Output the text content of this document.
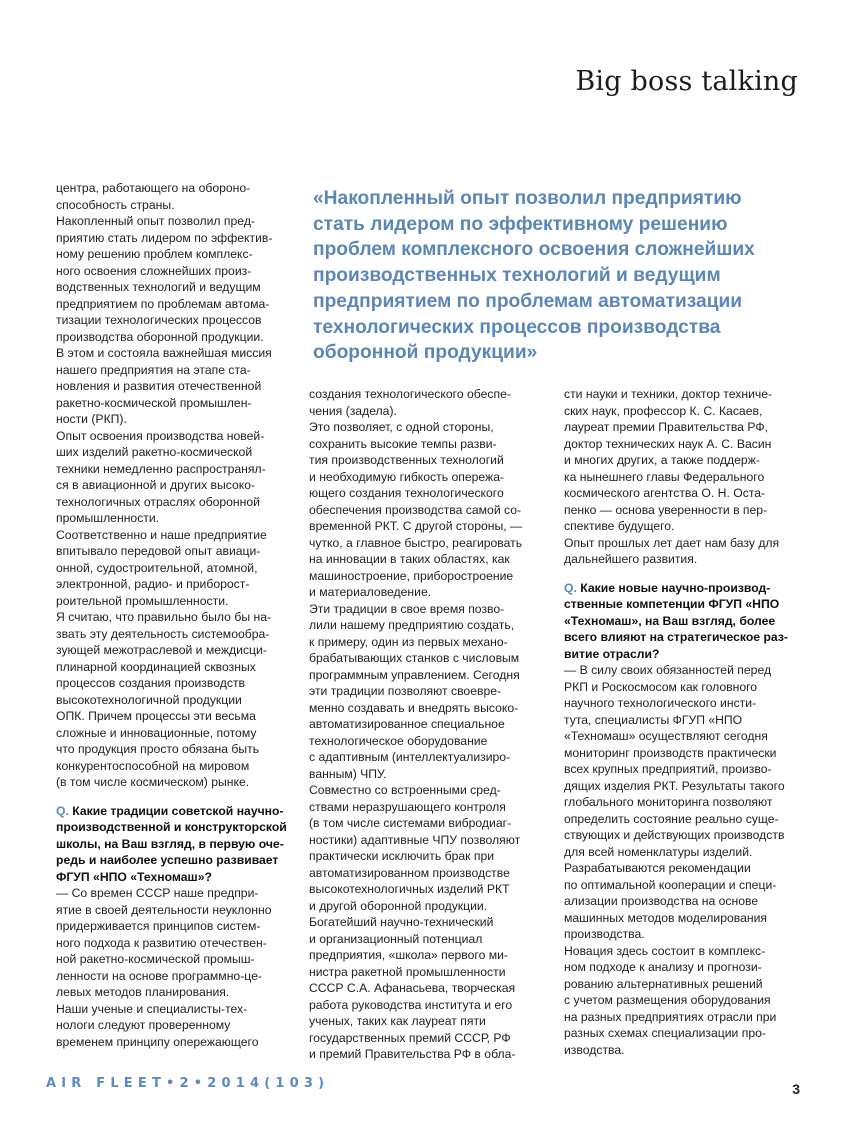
Big boss talking
«Накопленный опыт позволил предприятию
стать лидером по эффективному решению
проблем комплексного освоения сложнейших
производственных технологий и ведущим
предприятием по проблемам автоматизации
технологических процессов производства
оборонной продукции»
центра, работающего на обороно-
способность страны.
Накопленный опыт позволил пред-
приятию стать лидером по эффектив-
ному решению проблем комплекс-
ного освоения сложнейших произ-
водственных технологий и ведущим
предприятием по проблемам автома-
тизации технологических процессов
производства оборонной продукции.
В этом и состояла важнейшая миссия
нашего предприятия на этапе ста-
новления и развития отечественной
ракетно-космической промышлен-
ности (РКП).
Опыт освоения производства новей-
ших изделий ракетно-космической
техники немедленно распространял-
ся в авиационной и других высоко-
технологичных отраслях оборонной
промышленности.
Соответственно и наше предприятие
впитывало передовой опыт авиаци-
онной, судостроительной, атомной,
электронной, радио- и приборост-
роительной промышленности.
Я считаю, что правильно было бы на-
звать эту деятельность системообра-
зующей межотраслевой и междисци-
плинарной координацией сквозных
процессов создания производств
высокотехнологичной продукции
ОПК. Причем процессы эти весьма
сложные и инновационные, потому
что продукция просто обязана быть
конкурентоспособной на мировом
(в том числе космическом) рынке.
Q. Какие традиции советской научно-
производственной и конструкторской
школы, на Ваш взгляд, в первую оче-
редь и наиболее успешно развивает
ФГУП «НПО «Техномаш»?
— Со времен СССР наше предпри-
ятие в своей деятельности неуклонно
придерживается принципов систем-
ного подхода к развитию отечествен-
ной ракетно-космической промыш-
ленности на основе программно-це-
левых методов планирования.
Наши ученые и специалисты-тех-
нологи следуют проверенному
временем принципу опережающего
создания технологического обеспе-
чения (задела).
Это позволяет, с одной стороны,
сохранить высокие темпы разви-
тия производственных технологий
и необходимую гибкость опережа-
ющего создания технологического
обеспечения производства самой со-
временной РКТ. С другой стороны, —
чутко, а главное быстро, реагировать
на инновации в таких областях, как
машиностроение, приборостроение
и материаловедение.
Эти традиции в свое время позво-
лили нашему предприятию создать,
к примеру, один из первых механо-
брабатывающих станков с числовым
программным управлением. Сегодня
эти традиции позволяют своевре-
менно создавать и внедрять высоко-
автоматизированное специальное
технологическое оборудование
с адаптивным (интеллектуализиро-
ванным) ЧПУ.
Совместно со встроенными сред-
ствами неразрушающего контроля
(в том числе системами вибродиаг-
ностики) адаптивные ЧПУ позволяют
практически исключить брак при
автоматизированном производстве
высокотехнологичных изделий РКТ
и другой оборонной продукции.
Богатейший научно-технический
и организационный потенциал
предприятия, «школа» первого ми-
нистра ракетной промышленности
СССР С.А. Афанасьева, творческая
работа руководства института и его
ученых, таких как лауреат пяти
государственных премий СССР, РФ
и премий Правительства РФ в обла-
сти науки и техники, доктор техниче-
ских наук, профессор К. С. Касаев,
лауреат премии Правительства РФ,
доктор технических наук А. С. Васин
и многих других, а также поддерж-
ка нынешнего главы Федерального
космического агентства О. Н. Оста-
пенко — основа уверенности в пер-
спективе будущего.
Опыт прошлых лет дает нам базу для
дальнейшего развития.
Q. Какие новые научно-производ-
ственные компетенции ФГУП «НПО
«Техномаш», на Ваш взгляд, более
всего влияют на стратегическое раз-
витие отрасли?
— В силу своих обязанностей перед
РКП и Роскосмосом как головного
научного технологического инсти-
тута, специалисты ФГУП «НПО
«Техномаш» осуществляют сегодня
мониторинг производств практически
всех крупных предприятий, произво-
дящих изделия РКТ. Результаты такого
глобального мониторинга позволяют
определить состояние реально суще-
ствующих и действующих производств
для всей номенклатуры изделий.
Разрабатываются рекомендации
по оптимальной кооперации и специ-
ализации производства на основе
машинных методов моделирования
производства.
Новация здесь состоит в комплекс-
ном подходе к анализу и прогнози-
рованию альтернативных решений
с учетом размещения оборудования
на разных предприятиях отрасли при
разных схемах специализации про-
изводства.
AIR FLEET•2•2014(103)	3
